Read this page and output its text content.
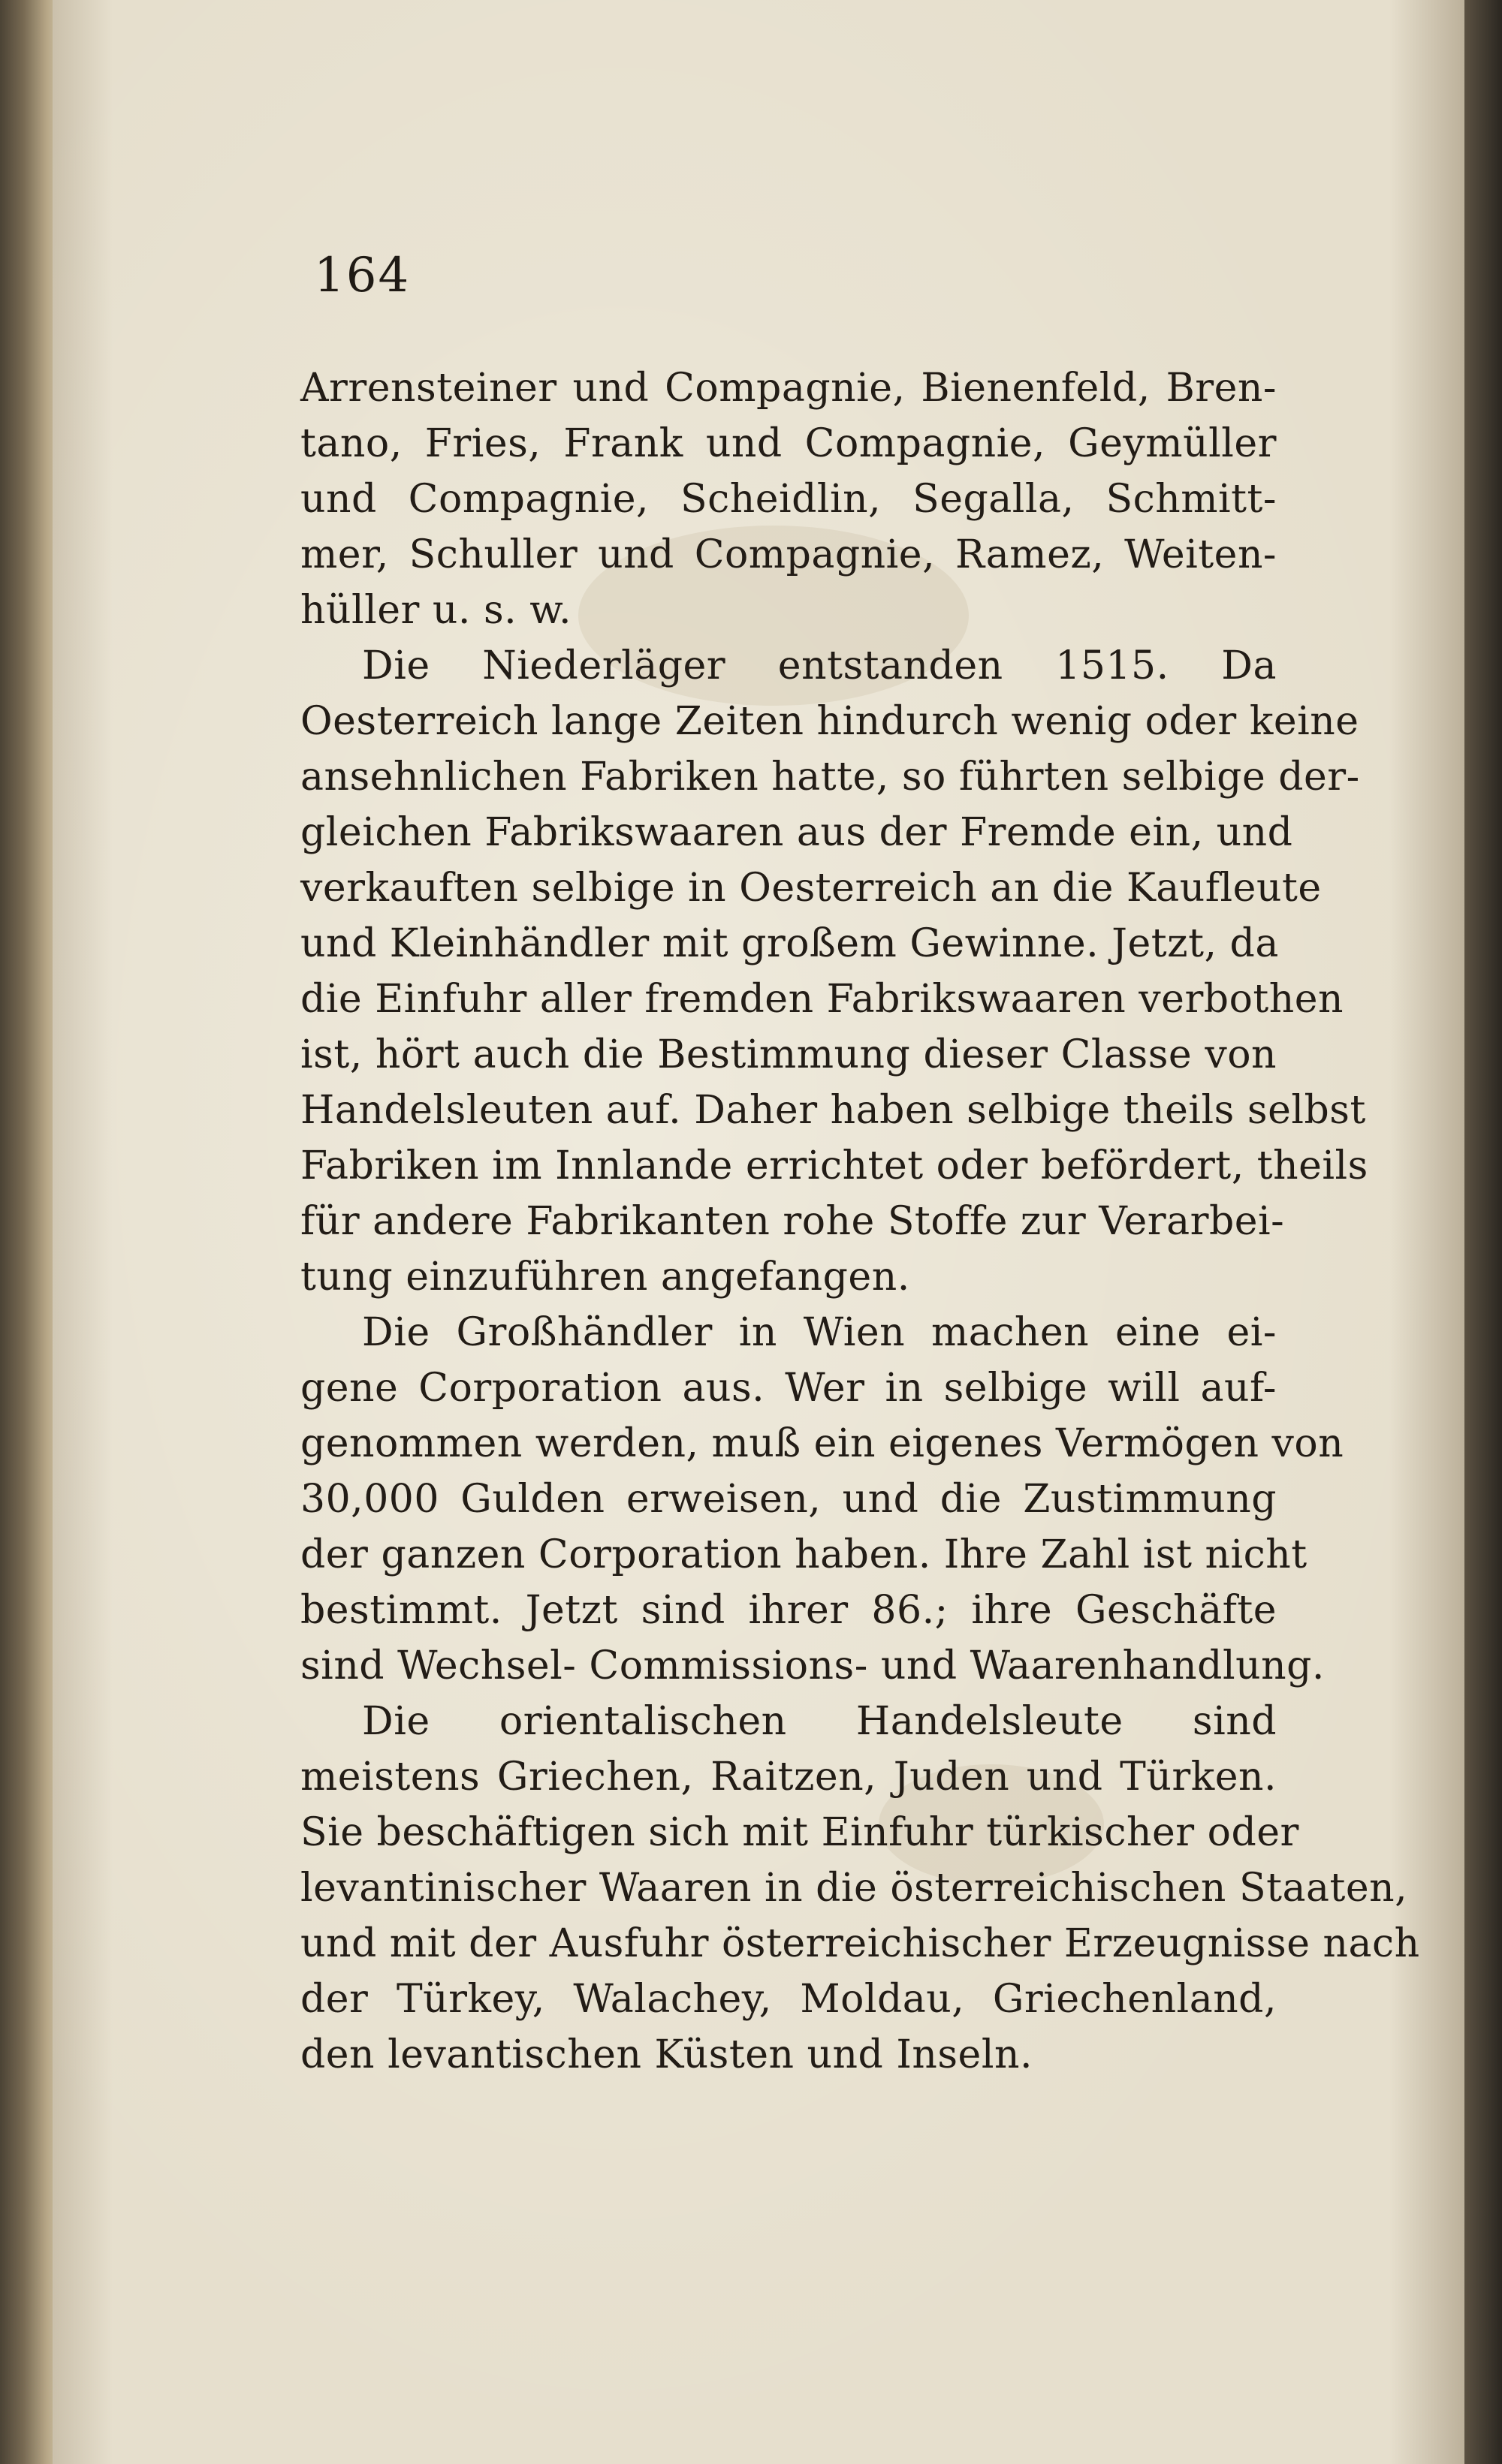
164
Arrensteiner und Compagnie, Bienenfeld, Bren-
tano, Fries, Frank und Compagnie, Geymüller
und Compagnie, Scheidlin, Segalla, Schmitt-
mer, Schuller und Compagnie, Ramez, Weiten-
hüller u. s. w.
Die Niederläger entstanden 1515. Da
Oesterreich lange Zeiten hindurch wenig oder keine
ansehnlichen Fabriken hatte, so führten selbige der-
gleichen Fabrikswaaren aus der Fremde ein, und
verkauften selbige in Oesterreich an die Kaufleute
und Kleinhändler mit großem Gewinne. Jetzt, da
die Einfuhr aller fremden Fabrikswaaren verbothen
ist, hört auch die Bestimmung dieser Classe von
Handelsleuten auf. Daher haben selbige theils selbst
Fabriken im Innlande errichtet oder befördert, theils
für andere Fabrikanten rohe Stoffe zur Verarbei-
tung einzuführen angefangen.
Die Großhändler in Wien machen eine ei-
gene Corporation aus. Wer in selbige will auf-
genommen werden, muß ein eigenes Vermögen von
30,000 Gulden erweisen, und die Zustimmung
der ganzen Corporation haben. Ihre Zahl ist nicht
bestimmt. Jetzt sind ihrer 86.; ihre Geschäfte
sind Wechsel- Commissions- und Waarenhandlung.
Die orientalischen Handelsleute sind
meistens Griechen, Raitzen, Juden und Türken.
Sie beschäftigen sich mit Einfuhr türkischer oder
levantinischer Waaren in die österreichischen Staaten,
und mit der Ausfuhr österreichischer Erzeugnisse nach
der Türkey, Walachey, Moldau, Griechenland,
den levantischen Küsten und Inseln.
